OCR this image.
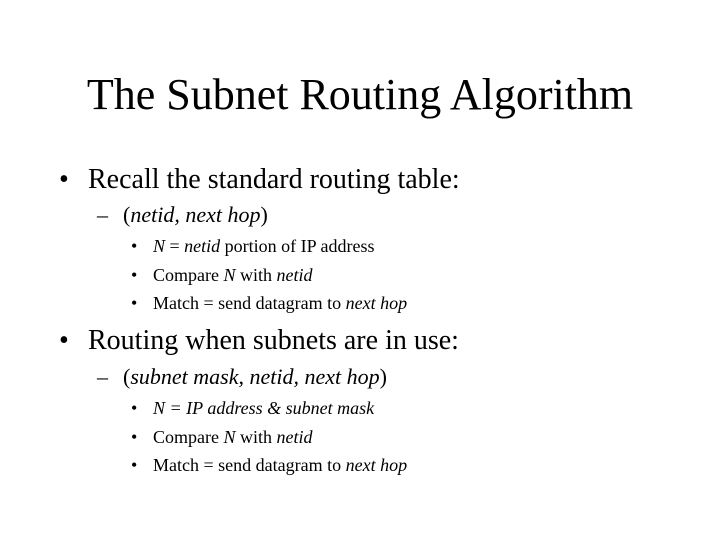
The Subnet Routing Algorithm
• Recall the standard routing table:
– (netid, next hop)
• N = netid portion of IP address
• Compare N with netid
• Match = send datagram to next hop
• Routing when subnets are in use:
– (subnet mask, netid, next hop)
• N = IP address & subnet mask
• Compare N with netid
• Match = send datagram to next hop
